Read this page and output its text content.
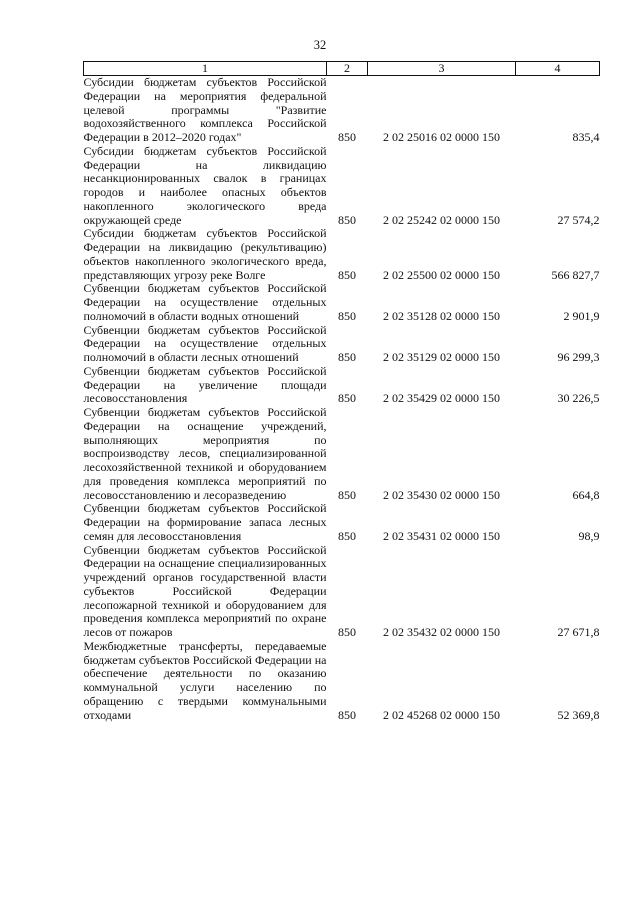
32
1	2	3	4
Субсидии бюджетам субъектов Российской Федерации на мероприятия федеральной целевой программы "Развитие водохозяйственного комплекса Российской Федерации в 2012–2020 годах"	850	2 02 25016 02 0000 150	835,4
Субсидии бюджетам субъектов Российской Федерации на ликвидацию несанкционированных свалок в границах городов и наиболее опасных объектов накопленного экологического вреда окружающей среде	850	2 02 25242 02 0000 150	27 574,2
Субсидии бюджетам субъектов Российской Федерации на ликвидацию (рекультивацию) объектов накопленного экологического вреда, представляющих угрозу реке Волге	850	2 02 25500 02 0000 150	566 827,7
Субвенции бюджетам субъектов Российской Федерации на осуществление отдельных полномочий в области водных отношений	850	2 02 35128 02 0000 150	2 901,9
Субвенции бюджетам субъектов Российской Федерации на осуществление отдельных полномочий в области лесных отношений	850	2 02 35129 02 0000 150	96 299,3
Субвенции бюджетам субъектов Российской Федерации на увеличение площади лесовосстановления	850	2 02 35429 02 0000 150	30 226,5
Субвенции бюджетам субъектов Российской Федерации на оснащение учреждений, выполняющих мероприятия по воспроизводству лесов, специализированной лесохозяйственной техникой и оборудованием для проведения комплекса мероприятий по лесовосстановлению и лесоразведению	850	2 02 35430 02 0000 150	664,8
Субвенции бюджетам субъектов Российской Федерации на формирование запаса лесных семян для лесовосстановления	850	2 02 35431 02 0000 150	98,9
Субвенции бюджетам субъектов Российской Федерации на оснащение специализированных учреждений органов государственной власти субъектов Российской Федерации лесопожарной техникой и оборудованием для проведения комплекса мероприятий по охране лесов от пожаров	850	2 02 35432 02 0000 150	27 671,8
Межбюджетные трансферты, передаваемые бюджетам субъектов Российской Федерации на обеспечение деятельности по оказанию коммунальной услуги населению по обращению с твердыми коммунальными отходами	850	2 02 45268 02 0000 150	52 369,8
